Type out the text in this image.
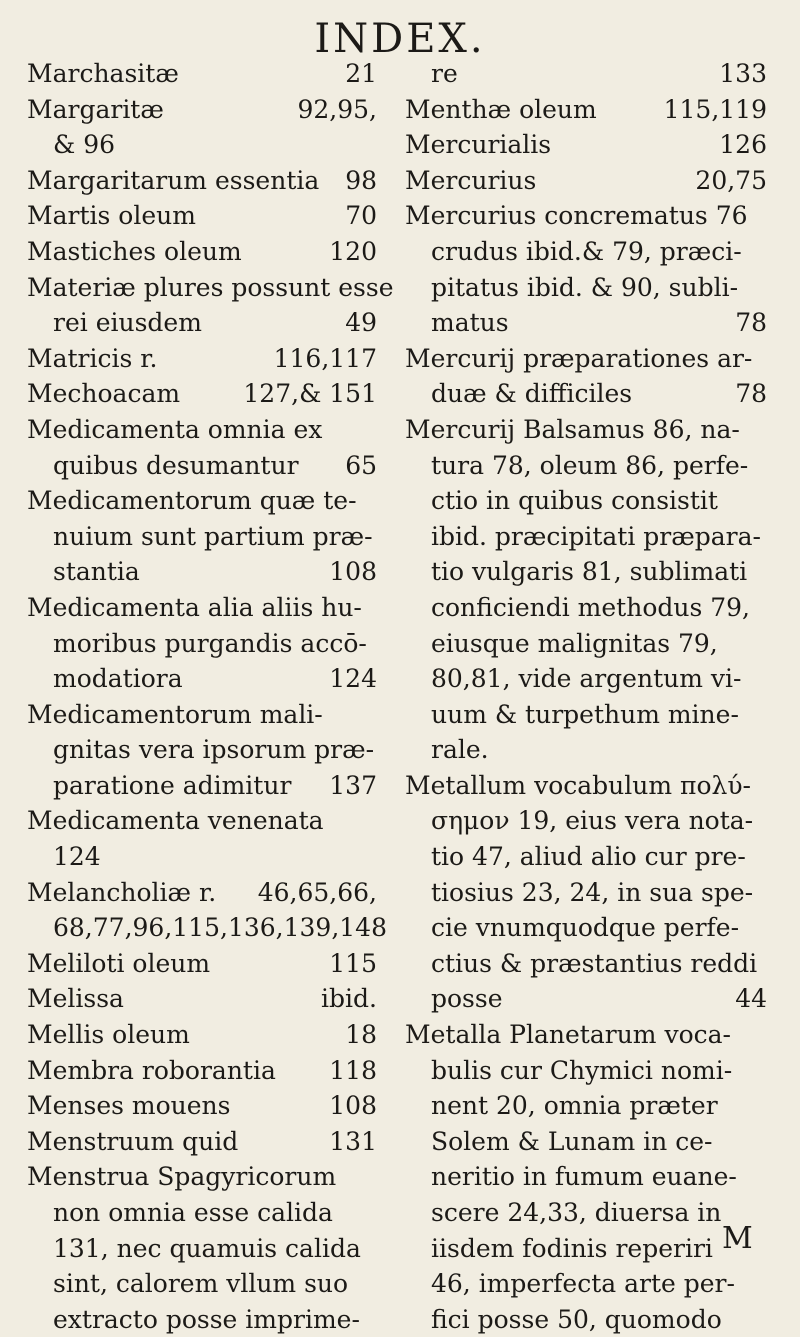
INDEX.
Marchasitæ	21
Margaritæ	92,95,
& 96
Margaritarum essentia 98
Martis oleum	70
Mastiches oleum	120
Materiæ plures possunt esse
rei eiusdem	49
Matricis r.	116,117
Mechoacam	127,& 151
Medicamenta omnia ex
quibus desumantur 65
Medicamentorum quæ te-
nuium sunt partium præ-
stantia	108
Medicamenta alia aliis hu-
moribus purgandis accō-
modatiora	124
Medicamentorum mali-
gnitas vera ipsorum præ-
paratione adimitur 137
Medicamenta venenata
124
Melancholiæ r. 46,65,66,
68,77,96,115,136,139,148
Meliloti oleum	115
Melissa	ibid.
Mellis oleum	18
Membra roborantia 118
Menses mouens	108
Menstruum quid	131
Menstrua Spagyricorum
non omnia esse calida
131, nec quamuis calida
sint, calorem vllum suo
extracto posse imprime-
re	133
Menthæ oleum	115,119
Mercurialis	126
Mercurius	20,75
Mercurius concrematus 76
crudus ibid.& 79, præci-
pitatus ibid. & 90, subli-
matus	78
Mercurij præparationes ar-
duæ & difficiles	78
Mercurij Balsamus 86, na-
tura 78, oleum 86, perfe-
ctio in quibus consistit
ibid. præcipitati præpara-
tio vulgaris 81, sublimati
conficiendi methodus 79,
eiusque malignitas 79,
80,81, vide argentum vi-
uum & turpethum mine-
rale.
Metallum vocabulum πολύ-
σημον 19, eius vera nota-
tio 47, aliud alio cur pre-
tiosius 23, 24, in sua spe-
cie vnumquodque perfe-
ctius & præstantius reddi
posse	44
Metalla Planetarum voca-
bulis cur Chymici nomi-
nent 20, omnia præter
Solem & Lunam in ce-
neritio in fumum euane-
scere 24,33, diuersa in
iisdem fodinis reperiri
46, imperfecta arte per-
fici posse 50, quomodo
M
